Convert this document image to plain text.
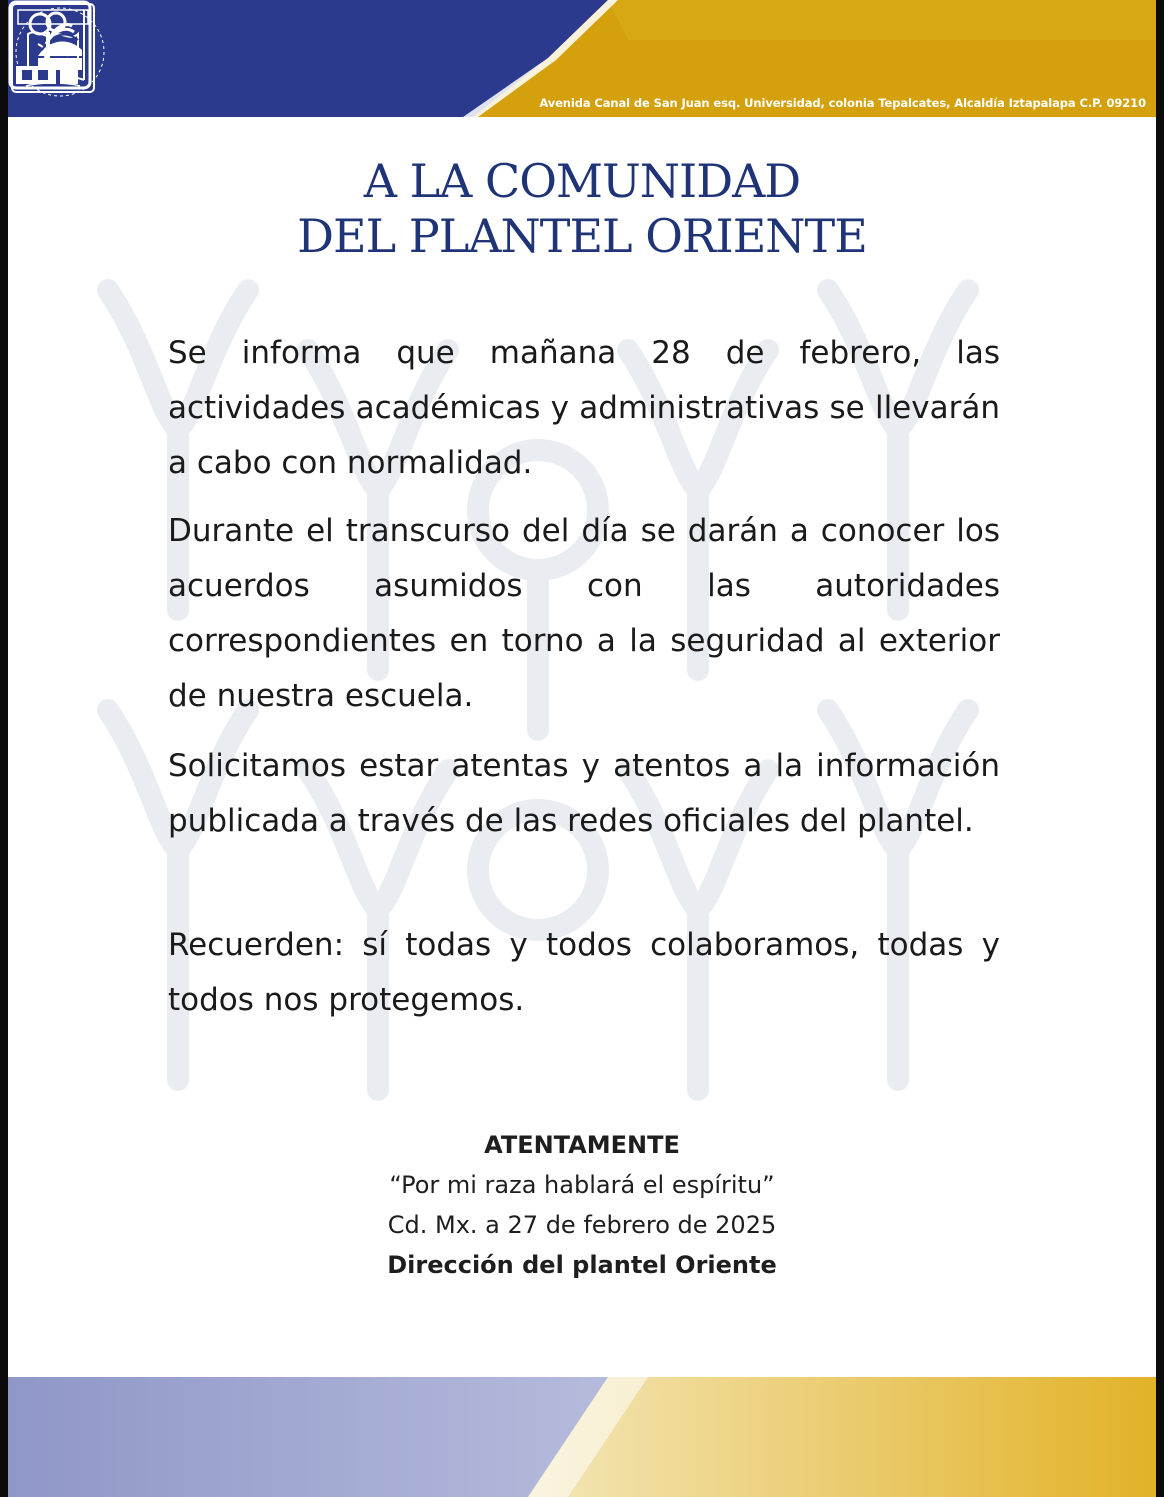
Avenida Canal de San Juan esq. Universidad, colonia Tepalcates, Alcaldía Iztapalapa C.P. 09210
A LA COMUNIDAD
DEL PLANTEL ORIENTE

Se informa que mañana 28 de febrero, las actividades académicas y administrativas se llevarán a cabo con normalidad.

Durante el transcurso del día se darán a conocer los acuerdos asumidos con las autoridades correspondientes en torno a la seguridad al exterior de nuestra escuela.

Solicitamos estar atentas y atentos a la información publicada a través de las redes oficiales del plantel.

Recuerden: sí todas y todos colaboramos, todas y todos nos protegemos.

ATENTAMENTE
“Por mi raza hablará el espíritu”
Cd. Mx. a 27 de febrero de 2025
Dirección del plantel Oriente
